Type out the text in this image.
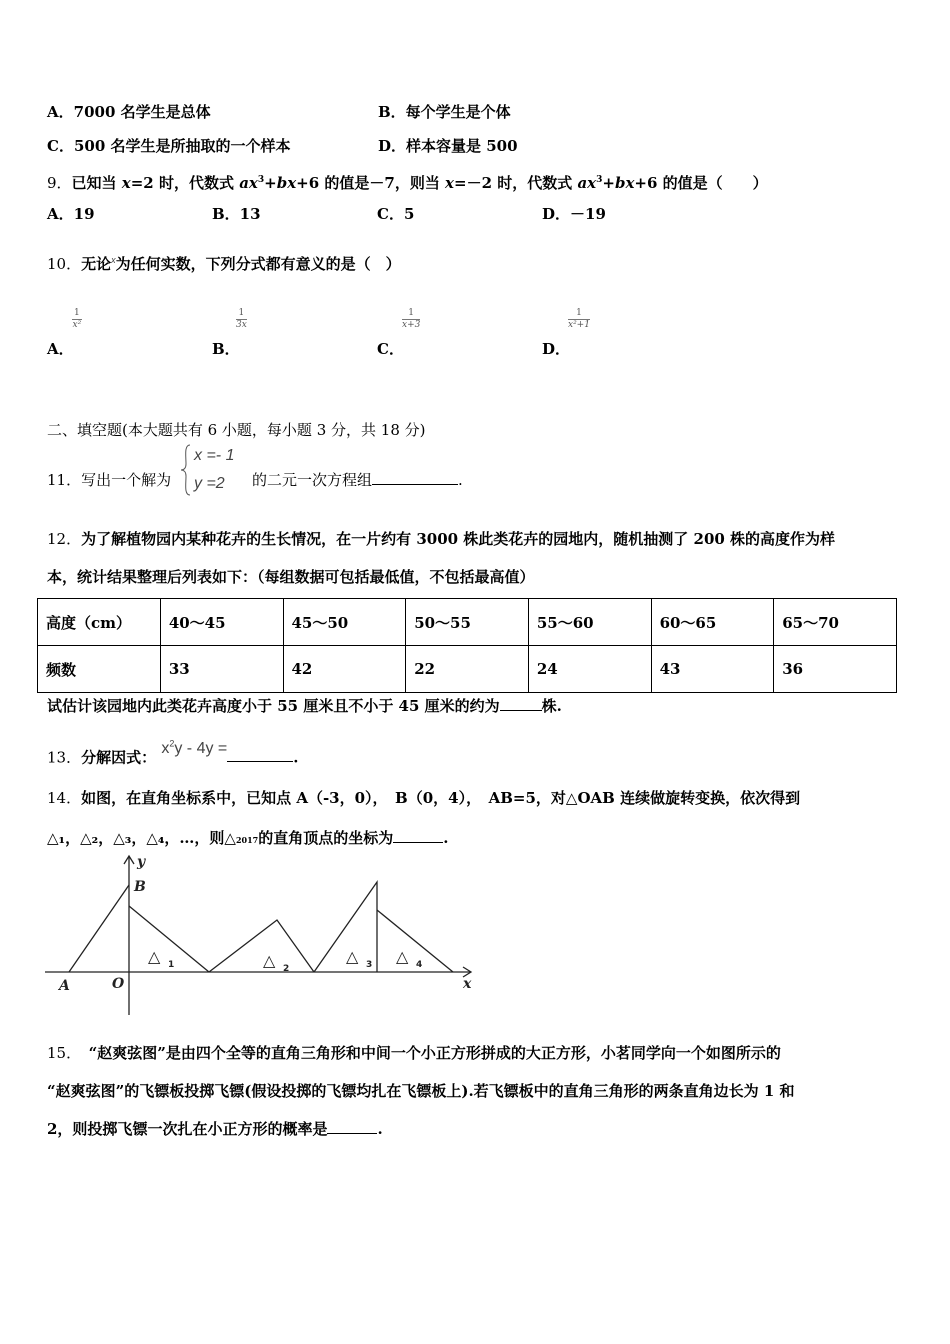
A．7000 名学生是总体	B．每个学生是个体
C．500 名学生是所抽取的一个样本	D．样本容量是 500
9．已知当 x=2 时，代数式 $ax^3+bx+6$ 的值是－7，则当 x=－2 时，代数式 $ax^3+bx+6$ 的值是（　　）
A．19	B．13	C．5	D．－19
10．无论$^x$为任何实数，下列分式都有意义的是（　）
$\frac{1}{\text{x²}}$	$\frac{1}{3x}$	$\frac{1}{x+3}$	$\frac{1}{\text{x²+1}}$
A．	B．	C．	D．
二、填空题(本大题共有 6 小题，每小题 3 分，共 18 分)
11．写出一个解为
x =- 1
y =2 的二元一次方程组	.
12．为了解植物园内某种花卉的生长情况，在一片约有 3000 株此类花卉的园地内，随机抽测了 200 株的高度作为样
本，统计结果整理后列表如下：（每组数据可包括最低值，不包括最高值）
高度（cm）	40～45	45～50	50～55	55～60	60～65	65～70
频数	33	42	22	24	43	36
试估计该园地内此类花卉高度小于 55 厘米且不小于 45 厘米的约为	株.
13．分解因式： $x^2y - 4y$ =	.
14．如图，在直角坐标系中，已知点 A（-3，0），　B（0，4），　AB=5，对△OAB 连续做旋转变换，依次得到
△₁，△₂，△₃，△₄，…，则△2017的直角顶点的坐标为	.
y
B
A	O	x
△ 1	△ 2
△ 3 △ 4
15．　“赵爽弦图”是由四个全等的直角三角形和中间一个小正方形拼成的大正方形，小茗同学向一个如图所示的
“赵爽弦图”的飞镖板投掷飞镖(假设投掷的飞镖均扎在飞镖板上).若飞镖板中的直角三角形的两条直角边长为 1 和
2，则投掷飞镖一次扎在小正方形的概率是	.
